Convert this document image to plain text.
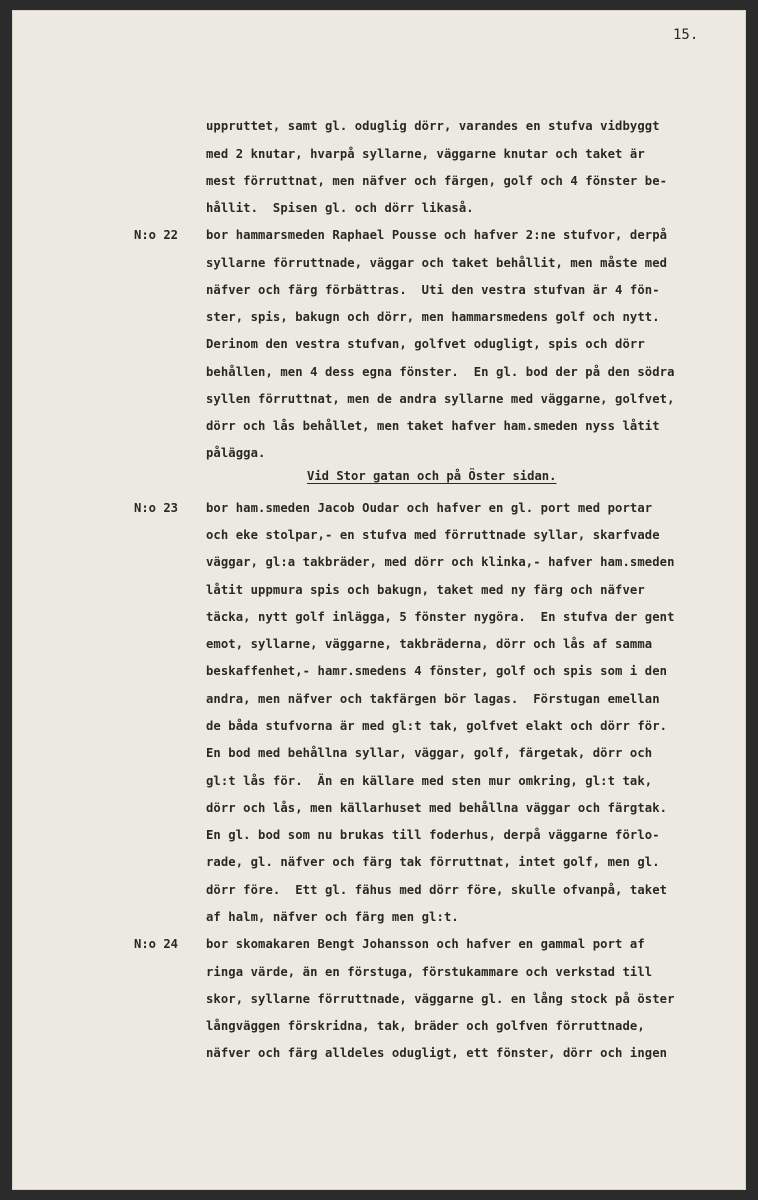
15.
uppruttet, samt gl. oduglig dörr, varandes en stufva vidbyggt
med 2 knutar, hvarpå syllarne, väggarne knutar och taket är
mest förruttnat, men näfver och färgen, golf och 4 fönster be-
hållit.  Spisen gl. och dörr likaså.
N:o 22 bor hammarsmeden Raphael Pousse och hafver 2:ne stufvor, derpå
syllarne förruttnade, väggar och taket behållit, men måste med
näfver och färg förbättras.  Uti den vestra stufvan är 4 fön-
ster, spis, bakugn och dörr, men hammarsmedens golf och nytt.
Derinom den vestra stufvan, golfvet odugligt, spis och dörr
behållen, men 4 dess egna fönster.  En gl. bod der på den södra
syllen förruttnat, men de andra syllarne med väggarne, golfvet,
dörr och lås behållet, men taket hafver ham.smeden nyss låtit
pålägga.
N:o 23 bor ham.smeden Jacob Oudar och hafver en gl. port med portar
och eke stolpar,- en stufva med förruttnade syllar, skarfvade
väggar, gl:a takbräder, med dörr och klinka,- hafver ham.smeden
låtit uppmura spis och bakugn, taket med ny färg och näfver
täcka, nytt golf inlägga, 5 fönster nygöra.  En stufva der gent
emot, syllarne, väggarne, takbräderna, dörr och lås af samma
beskaffenhet,- hamr.smedens 4 fönster, golf och spis som i den
andra, men näfver och takfärgen bör lagas.  Förstugan emellan
de båda stufvorna är med gl:t tak, golfvet elakt och dörr för.
En bod med behållna syllar, väggar, golf, färgetak, dörr och
gl:t lås för.  Än en källare med sten mur omkring, gl:t tak,
dörr och lås, men källarhuset med behållna väggar och färgtak.
En gl. bod som nu brukas till foderhus, derpå väggarne förlo-
rade, gl. näfver och färg tak förruttnat, intet golf, men gl.
dörr före.  Ett gl. fähus med dörr före, skulle ofvanpå, taket
af halm, näfver och färg men gl:t.
N:o 24 bor skomakaren Bengt Johansson och hafver en gammal port af
ringa värde, än en förstuga, förstukammare och verkstad till
skor, syllarne förruttnade, väggarne gl. en lång stock på öster
långväggen förskridna, tak, bräder och golfven förruttnade,
näfver och färg alldeles odugligt, ett fönster, dörr och ingen
Vid Stor gatan och på Öster sidan.
